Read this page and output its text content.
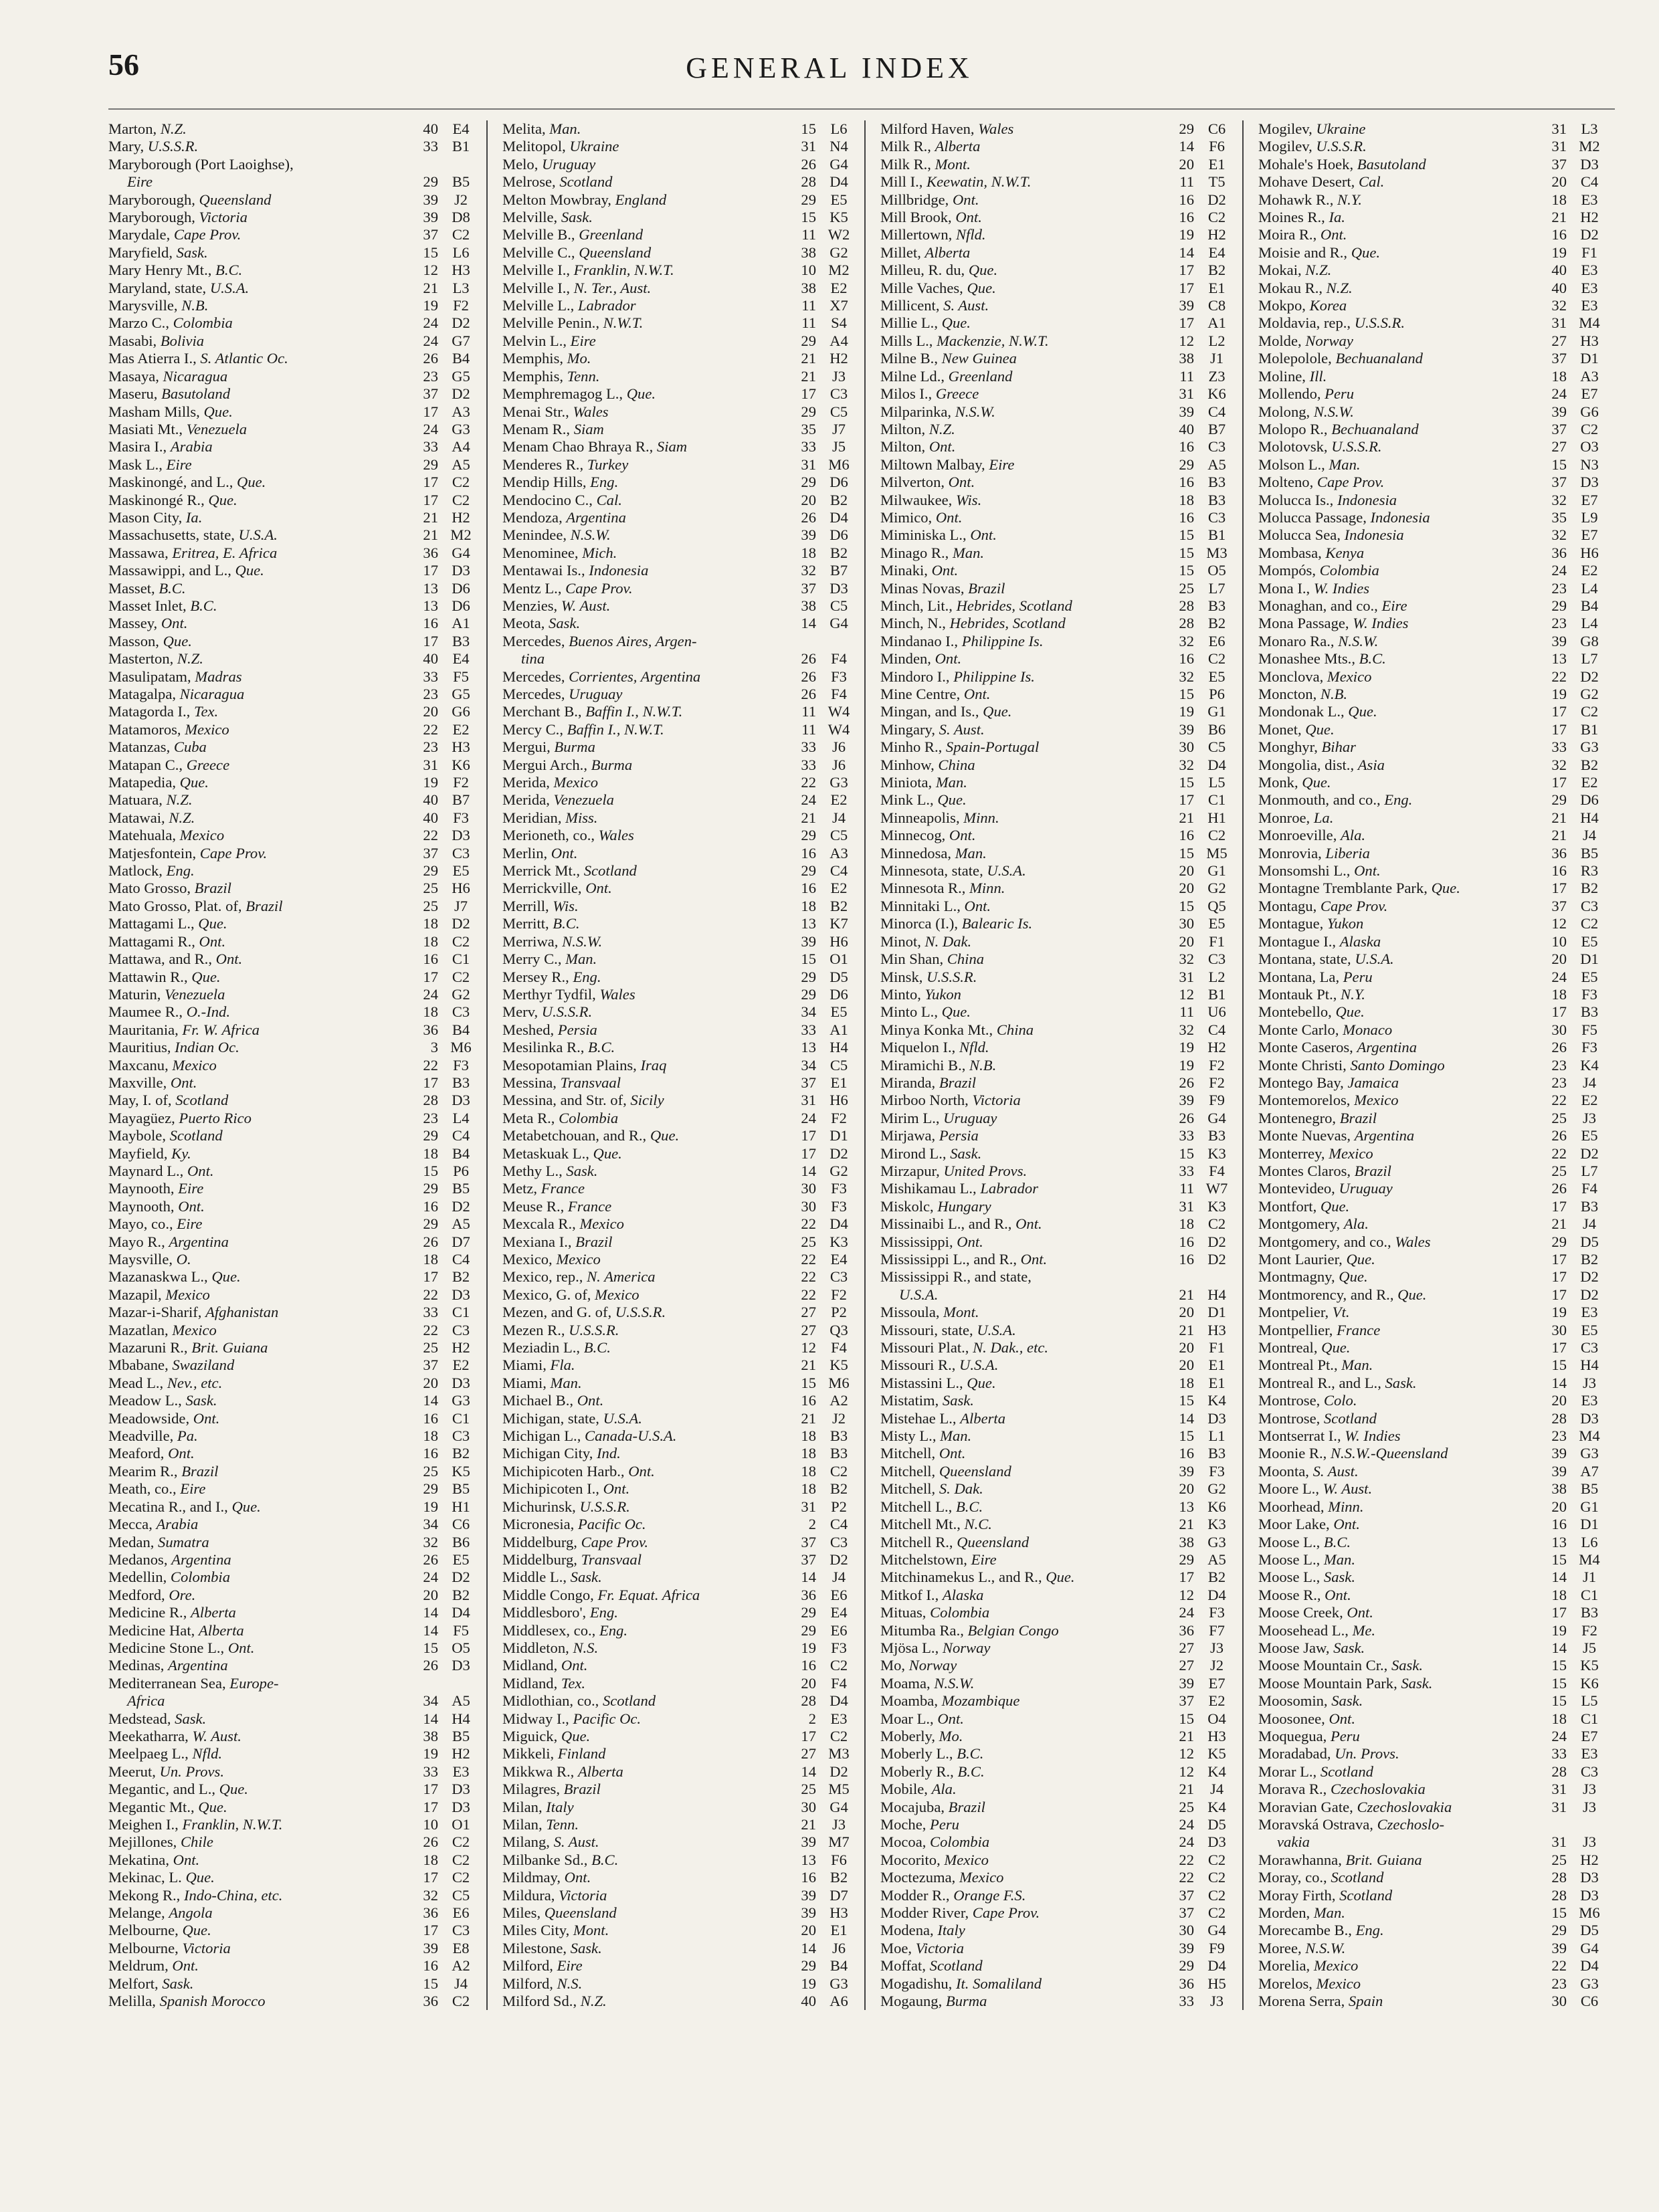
56	GENERAL INDEX
Marton, N.Z.	40 E4
Mary, U.S.S.R.	33 B1
Maryborough (Port Laoighse),
Eire	29 B5
Maryborough, Queensland	39	J2
Maryborough, Victoria	39 D8
Marydale, Cape Prov.	37 C2
Maryfield, Sask.	15 L6
Mary Henry Mt., B.C.	12 H3
Maryland, state, U.S.A.	21 L3
Marysville, N.B.	19 F2
Marzo C., Colombia	24 D2
Masabi, Bolivia	24 G7
Mas Atierra I., S. Atlantic Oc.	26 B4
Masaya, Nicaragua	23 G5
Maseru, Basutoland	37 D2
Masham Mills, Que.	17 A3
Masiati Mt., Venezuela	24 G3
Masira I., Arabia	33 A4
Mask L., Eire	29 A5
Maskinongé, and L., Que.	17 C2
Maskinongé R., Que.	17 C2
Mason City, Ia.	21 H2
Massachusetts, state, U.S.A.	21 M2
Massawa, Eritrea, E. Africa	36 G4
Massawippi, and L., Que.	17 D3
Masset, B.C.	13 D6
Masset Inlet, B.C.	13 D6
Massey, Ont.	16 A1
Masson, Que.	17 B3
Masterton, N.Z.	40 E4
Masulipatam, Madras	33 F5
Matagalpa, Nicaragua	23 G5
Matagorda I., Tex.	20 G6
Matamoros, Mexico	22 E2
Matanzas, Cuba	23 H3
Matapan C., Greece	31 K6
Matapedia, Que.	19 F2
Matuara, N.Z.	40 B7
Matawai, N.Z.	40 F3
Matehuala, Mexico	22 D3
Matjesfontein, Cape Prov.	37 C3
Matlock, Eng.	29 E5
Mato Grosso, Brazil	25 H6
Mato Grosso, Plat. of, Brazil	25	J7
Mattagami L., Que.	18 D2
Mattagami R., Ont.	18 C2
Mattawa, and R., Ont.	16 C1
Mattawin R., Que.	17 C2
Maturin, Venezuela	24 G2
Maumee R., O.-Ind.	18 C3
Mauritania, Fr. W. Africa	36 B4
Mauritius, Indian Oc.	3 M6
Maxcanu, Mexico	22 F3
Maxville, Ont.	17 B3
May, I. of, Scotland	28 D3
Mayagüez, Puerto Rico	23 L4
Maybole, Scotland	29 C4
Mayfield, Ky.	18 B4
Maynard L., Ont.	15 P6
Maynooth, Eire	29 B5
Maynooth, Ont.	16 D2
Mayo, co., Eire	29 A5
Mayo R., Argentina	26 D7
Maysville, O.	18 C4
Mazanaskwa L., Que.	17 B2
Mazapil, Mexico	22 D3
Mazar-i-Sharif, Afghanistan	33 C1
Mazatlan, Mexico	22 C3
Mazaruni R., Brit. Guiana	25 H2
Mbabane, Swaziland	37 E2
Mead L., Nev., etc.	20 D3
Meadow L., Sask.	14 G3
Meadowside, Ont.	16 C1
Meadville, Pa.	18 C3
Meaford, Ont.	16 B2
Mearim R., Brazil	25 K5
Meath, co., Eire	29 B5
Mecatina R., and I., Que.	19 H1
Mecca, Arabia	34 C6
Medan, Sumatra	32 B6
Medanos, Argentina	26 E5
Medellin, Colombia	24 D2
Medford, Ore.	20 B2
Medicine R., Alberta	14 D4
Medicine Hat, Alberta	14 F5
Medicine Stone L., Ont.	15 O5
Medinas, Argentina	26 D3
Mediterranean Sea, Europe-
Africa	34 A5
Medstead, Sask.	14 H4
Meekatharra, W. Aust.	38 B5
Meelpaeg L., Nfld.	19 H2
Meerut, Un. Provs.	33 E3
Megantic, and L., Que.	17 D3
Megantic Mt., Que.	17 D3
Meighen I., Franklin, N.W.T.	10 O1
Mejillones, Chile	26 C2
Mekatina, Ont.	18 C2
Mekinac, L. Que.	17 C2
Mekong R., Indo-China, etc.	32 C5
Melange, Angola	36 E6
Melbourne, Que.	17 C3
Melbourne, Victoria	39 E8
Meldrum, Ont.	16 A2
Melfort, Sask.	15	J4
Melilla, Spanish Morocco	36 C2
Melita, Man.	15 L6
Melitopol, Ukraine	31 N4
Melo, Uruguay	26 G4
Melrose, Scotland	28 D4
Melton Mowbray, England	29 E5
Melville, Sask.	15 K5
Melville B., Greenland	11 W2
Melville C., Queensland	38 G2
Melville I., Franklin, N.W.T.	10 M2
Melville I., N. Ter., Aust.	38 E2
Melville L., Labrador	11 X7
Melville Penin., N.W.T.	11 S4
Melvin L., Eire	29 A4
Memphis, Mo.	21 H2
Memphis, Tenn.	21	J3
Memphremagog L., Que.	17 C3
Menai Str., Wales	29 C5
Menam R., Siam	35	J7
Menam Chao Bhraya R., Siam	33	J5
Menderes R., Turkey	31 M6
Mendip Hills, Eng.	29 D6
Mendocino C., Cal.	20 B2
Mendoza, Argentina	26 D4
Menindee, N.S.W.	39 D6
Menominee, Mich.	18 B2
Mentawai Is., Indonesia	32 B7
Mentz L., Cape Prov.	37 D3
Menzies, W. Aust.	38 C5
Meota, Sask.	14 G4
Mercedes, Buenos Aires, Argen-
tina	26 F4
Mercedes, Corrientes, Argentina	26 F3
Mercedes, Uruguay	26 F4
Merchant B., Baffin I., N.W.T.	11 W4
Mercy C., Baffin I., N.W.T.	11 W4
Mergui, Burma	33	J6
Mergui Arch., Burma	33	J6
Merida, Mexico	22 G3
Merida, Venezuela	24 E2
Meridian, Miss.	21	J4
Merioneth, co., Wales	29 C5
Merlin, Ont.	16 A3
Merrick Mt., Scotland	29 C4
Merrickville, Ont.	16 E2
Merrill, Wis.	18 B2
Merritt, B.C.	13 K7
Merriwa, N.S.W.	39 H6
Merry C., Man.	15 O1
Mersey R., Eng.	29 D5
Merthyr Tydfil, Wales	29 D6
Merv, U.S.S.R.	34 E5
Meshed, Persia	33 A1
Mesilinka R., B.C.	13 H4
Mesopotamian Plains, Iraq	34 C5
Messina, Transvaal	37 E1
Messina, and Str. of, Sicily	31 H6
Meta R., Colombia	24 F2
Metabetchouan, and R., Que.	17 D1
Metaskuak L., Que.	17 D2
Methy L., Sask.	14 G2
Metz, France	30 F3
Meuse R., France	30 F3
Mexcala R., Mexico	22 D4
Mexiana I., Brazil	25 K3
Mexico, Mexico	22 E4
Mexico, rep., N. America	22 C3
Mexico, G. of, Mexico	22 F2
Mezen, and G. of, U.S.S.R.	27 P2
Mezen R., U.S.S.R.	27 Q3
Meziadin L., B.C.	12 F4
Miami, Fla.	21 K5
Miami, Man.	15 M6
Michael B., Ont.	16 A2
Michigan, state, U.S.A.	21	J2
Michigan L., Canada-U.S.A.	18 B3
Michigan City, Ind.	18 B3
Michipicoten Harb., Ont.	18 C2
Michipicoten I., Ont.	18 B2
Michurinsk, U.S.S.R.	31 P2
Micronesia, Pacific Oc.	2 C4
Middelburg, Cape Prov.	37 C3
Middelburg, Transvaal	37 D2
Middle L., Sask.	14	J4
Middle Congo, Fr. Equat. Africa	36 E6
Middlesboro', Eng.	29 E4
Middlesex, co., Eng.	29 E6
Middleton, N.S.	19 F3
Midland, Ont.	16 C2
Midland, Tex.	20 F4
Midlothian, co., Scotland	28 D4
Midway I., Pacific Oc.	2 E3
Miguick, Que.	17 C2
Mikkeli, Finland	27 M3
Mikkwa R., Alberta	14 D2
Milagres, Brazil	25 M5
Milan, Italy	30 G4
Milan, Tenn.	21	J3
Milang, S. Aust.	39 M7
Milbanke Sd., B.C.	13 F6
Mildmay, Ont.	16 B2
Mildura, Victoria	39 D7
Miles, Queensland	39 H3
Miles City, Mont.	20 E1
Milestone, Sask.	14	J6
Milford, Eire	29 B4
Milford, N.S.	19 G3
Milford Sd., N.Z.	40 A6
Milford Haven, Wales	29 C6
Milk R., Alberta	14 F6
Milk R., Mont.	20 E1
Mill I., Keewatin, N.W.T.	11 T5
Millbridge, Ont.	16 D2
Mill Brook, Ont.	16 C2
Millertown, Nfld.	19 H2
Millet, Alberta	14 E4
Milleu, R. du, Que.	17 B2
Mille Vaches, Que.	17 E1
Millicent, S. Aust.	39 C8
Millie L., Que.	17 A1
Mills L., Mackenzie, N.W.T.	12 L2
Milne B., New Guinea	38	J1
Milne Ld., Greenland	11 Z3
Milos I., Greece	31 K6
Milparinka, N.S.W.	39 C4
Milton, N.Z.	40 B7
Milton, Ont.	16 C3
Miltown Malbay, Eire	29 A5
Milverton, Ont.	16 B3
Milwaukee, Wis.	18 B3
Mimico, Ont.	16 C3
Miminiska L., Ont.	15 B1
Minago R., Man.	15 M3
Minaki, Ont.	15 O5
Minas Novas, Brazil	25 L7
Minch, Lit., Hebrides, Scotland	28 B3
Minch, N., Hebrides, Scotland	28 B2
Mindanao I., Philippine Is.	32 E6
Minden, Ont.	16 C2
Mindoro I., Philippine Is.	32 E5
Mine Centre, Ont.	15 P6
Mingan, and Is., Que.	19 G1
Mingary, S. Aust.	39 B6
Minho R., Spain-Portugal	30 C5
Minhow, China	32 D4
Miniota, Man.	15 L5
Mink L., Que.	17 C1
Minneapolis, Minn.	21 H1
Minnecog, Ont.	16 C2
Minnedosa, Man.	15 M5
Minnesota, state, U.S.A.	20 G1
Minnesota R., Minn.	20 G2
Minnitaki L., Ont.	15 Q5
Minorca (I.), Balearic Is.	30 E5
Minot, N. Dak.	20 F1
Min Shan, China	32 C3
Minsk, U.S.S.R.	31 L2
Minto, Yukon	12 B1
Minto L., Que.	11 U6
Minya Konka Mt., China	32 C4
Miquelon I., Nfld.	19 H2
Miramichi B., N.B.	19 F2
Miranda, Brazil	26 F2
Mirboo North, Victoria	39 F9
Mirim L., Uruguay	26 G4
Mirjawa, Persia	33 B3
Mirond L., Sask.	15 K3
Mirzapur, United Provs.	33 F4
Mishikamau L., Labrador	11 W7
Miskolc, Hungary	31 K3
Missinaibi L., and R., Ont.	18 C2
Mississippi, Ont.	16 D2
Mississippi L., and R., Ont.	16 D2
Mississippi R., and state,
U.S.A.	21 H4
Missoula, Mont.	20 D1
Missouri, state, U.S.A.	21 H3
Missouri Plat., N. Dak., etc.	20 F1
Missouri R., U.S.A.	20 E1
Mistassini L., Que.	18 E1
Mistatim, Sask.	15 K4
Mistehae L., Alberta	14 D3
Misty L., Man.	15 L1
Mitchell, Ont.	16 B3
Mitchell, Queensland	39 F3
Mitchell, S. Dak.	20 G2
Mitchell L., B.C.	13 K6
Mitchell Mt., N.C.	21 K3
Mitchell R., Queensland	38 G3
Mitchelstown, Eire	29 A5
Mitchinamekus L., and R., Que.	17 B2
Mitkof I., Alaska	12 D4
Mituas, Colombia	24 F3
Mitumba Ra., Belgian Congo	36 F7
Mjösa L., Norway	27	J3
Mo, Norway	27	J2
Moama, N.S.W.	39 E7
Moamba, Mozambique	37 E2
Moar L., Ont.	15 O4
Moberly, Mo.	21 H3
Moberly L., B.C.	12 K5
Moberly R., B.C.	12 K4
Mobile, Ala.	21	J4
Mocajuba, Brazil	25 K4
Moche, Peru	24 D5
Mocoa, Colombia	24 D3
Mocorito, Mexico	22 C2
Moctezuma, Mexico	22 C2
Modder R., Orange F.S.	37 C2
Modder River, Cape Prov.	37 C2
Modena, Italy	30 G4
Moe, Victoria	39 F9
Moffat, Scotland	29 D4
Mogadishu, It. Somaliland	36 H5
Mogaung, Burma	33	J3
Mogilev, Ukraine	31 L3
Mogilev, U.S.S.R.	31 M2
Mohale's Hoek, Basutoland	37 D3
Mohave Desert, Cal.	20 C4
Mohawk R., N.Y.	18 E3
Moines R., Ia.	21 H2
Moira R., Ont.	16 D2
Moisie and R., Que.	19 F1
Mokai, N.Z.	40 E3
Mokau R., N.Z.	40 E3
Mokpo, Korea	32 E3
Moldavia, rep., U.S.S.R.	31 M4
Molde, Norway	27 H3
Molepolole, Bechuanaland	37 D1
Moline, Ill.	18 A3
Mollendo, Peru	24 E7
Molong, N.S.W.	39 G6
Molopo R., Bechuanaland	37 C2
Molotovsk, U.S.S.R.	27 O3
Molson L., Man.	15 N3
Molteno, Cape Prov.	37 D3
Molucca Is., Indonesia	32 E7
Molucca Passage, Indonesia	35 L9
Molucca Sea, Indonesia	32 E7
Mombasa, Kenya	36 H6
Mompós, Colombia	24 E2
Mona I., W. Indies	23 L4
Monaghan, and co., Eire	29 B4
Mona Passage, W. Indies	23 L4
Monaro Ra., N.S.W.	39 G8
Monashee Mts., B.C.	13 L7
Monclova, Mexico	22 D2
Moncton, N.B.	19 G2
Mondonak L., Que.	17 C2
Monet, Que.	17 B1
Monghyr, Bihar	33 G3
Mongolia, dist., Asia	32 B2
Monk, Que.	17 E2
Monmouth, and co., Eng.	29 D6
Monroe, La.	21 H4
Monroeville, Ala.	21	J4
Monrovia, Liberia	36 B5
Monsomshi L., Ont.	16 R3
Montagne Tremblante Park, Que.	17 B2
Montagu, Cape Prov.	37 C3
Montague, Yukon	12 C2
Montague I., Alaska	10 E5
Montana, state, U.S.A.	20 D1
Montana, La, Peru	24 E5
Montauk Pt., N.Y.	18 F3
Montebello, Que.	17 B3
Monte Carlo, Monaco	30 F5
Monte Caseros, Argentina	26 F3
Monte Christi, Santo Domingo	23 K4
Montego Bay, Jamaica	23	J4
Montemorelos, Mexico	22 E2
Montenegro, Brazil	25	J3
Monte Nuevas, Argentina	26 E5
Monterrey, Mexico	22 D2
Montes Claros, Brazil	25 L7
Montevideo, Uruguay	26 F4
Montfort, Que.	17 B3
Montgomery, Ala.	21	J4
Montgomery, and co., Wales	29 D5
Mont Laurier, Que.	17 B2
Montmagny, Que.	17 D2
Montmorency, and R., Que.	17 D2
Montpelier, Vt.	19 E3
Montpellier, France	30 E5
Montreal, Que.	17 C3
Montreal Pt., Man.	15 H4
Montreal R., and L., Sask.	14	J3
Montrose, Colo.	20 E3
Montrose, Scotland	28 D3
Montserrat I., W. Indies	23 M4
Moonie R., N.S.W.-Queensland	39 G3
Moonta, S. Aust.	39 A7
Moore L., W. Aust.	38 B5
Moorhead, Minn.	20 G1
Moor Lake, Ont.	16 D1
Moose L., B.C.	13 L6
Moose L., Man.	15 M4
Moose L., Sask.	14	J1
Moose R., Ont.	18 C1
Moose Creek, Ont.	17 B3
Moosehead L., Me.	19 F2
Moose Jaw, Sask.	14	J5
Moose Mountain Cr., Sask.	15 K5
Moose Mountain Park, Sask.	15 K6
Moosomin, Sask.	15 L5
Moosonee, Ont.	18 C1
Moquegua, Peru	24 E7
Moradabad, Un. Provs.	33 E3
Morar L., Scotland	28 C3
Morava R., Czechoslovakia	31	J3
Moravian Gate, Czechoslovakia	31	J3
Moravská Ostrava, Czechoslo-
vakia	31	J3
Morawhanna, Brit. Guiana	25 H2
Moray, co., Scotland	28 D3
Moray Firth, Scotland	28 D3
Morden, Man.	15 M6
Morecambe B., Eng.	29 D5
Moree, N.S.W.	39 G4
Morelia, Mexico	22 D4
Morelos, Mexico	23 G3
Morena Serra, Spain	30 C6
